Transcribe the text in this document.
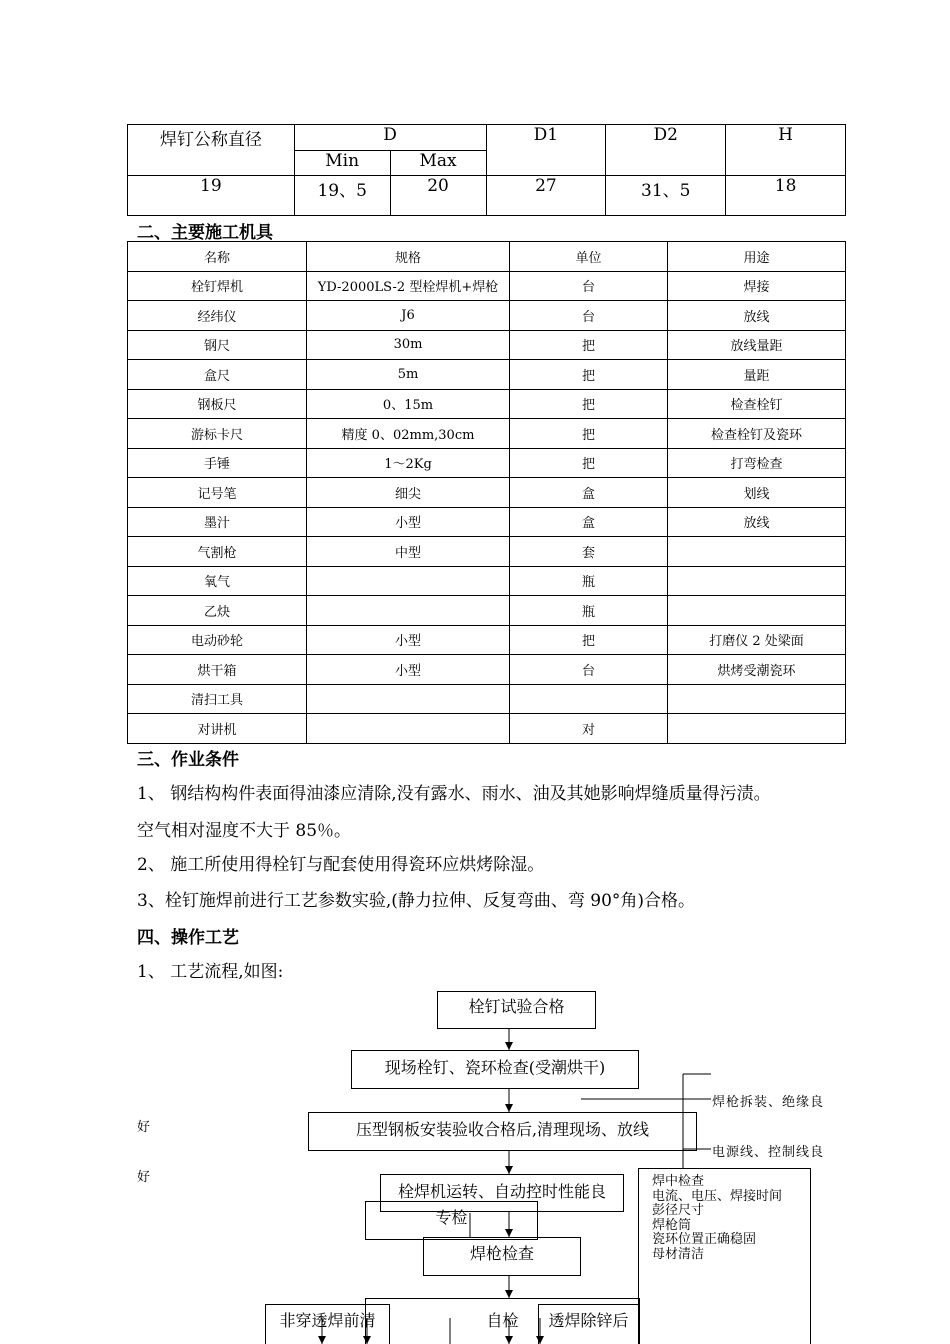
焊钉公称直径	D		D1	D2	H
	Min	Max			
19	19、5	20	27	31、5	18
二、主要施工机具
名称	规格	单位	用途
栓钉焊机	YD-2000LS-2 型栓焊机+焊枪	台	焊接
经纬仪	J6	台	放线
钢尺	30m	把	放线量距
盒尺	5m	把	量距
钢板尺	0、15m	把	检查栓钉
游标卡尺	精度 0、02mm,30cm	把	检查栓钉及瓷环
手锤	1～2Kg	把	打弯检查
记号笔	细尖	盒	划线
墨汁	小型	盒	放线
气割枪	中型	套	
氧气		瓶	
乙炔		瓶	
电动砂轮	小型	把	打磨仪 2 处梁面
烘干箱	小型	台	烘烤受潮瓷环
清扫工具			
对讲机		对	
三、作业条件
1、 钢结构构件表面得油漆应清除,没有露水、雨水、油及其她影响焊缝质量得污渍。
空气相对湿度不大于 85％。
2、 施工所使用得栓钉与配套使用得瓷环应烘烤除湿。
3、栓钉施焊前进行工艺参数实验,(静力拉伸、反复弯曲、弯 90°角)合格。
四、操作工艺
1、 工艺流程,如图:
栓钉试验合格
现场栓钉、瓷环检查(受潮烘干)
压型钢板安装验收合格后,清理现场、放线
栓焊机运转、自动控时性能良
专检
焊枪检查
非穿透焊前清	自检	透焊除锌后
焊中检查
电流、电压、焊接时间
彭径尺寸
焊枪筒
瓷环位置正确稳固
母材清洁
焊枪拆装、绝缘良
电源线、控制线良
好
好
